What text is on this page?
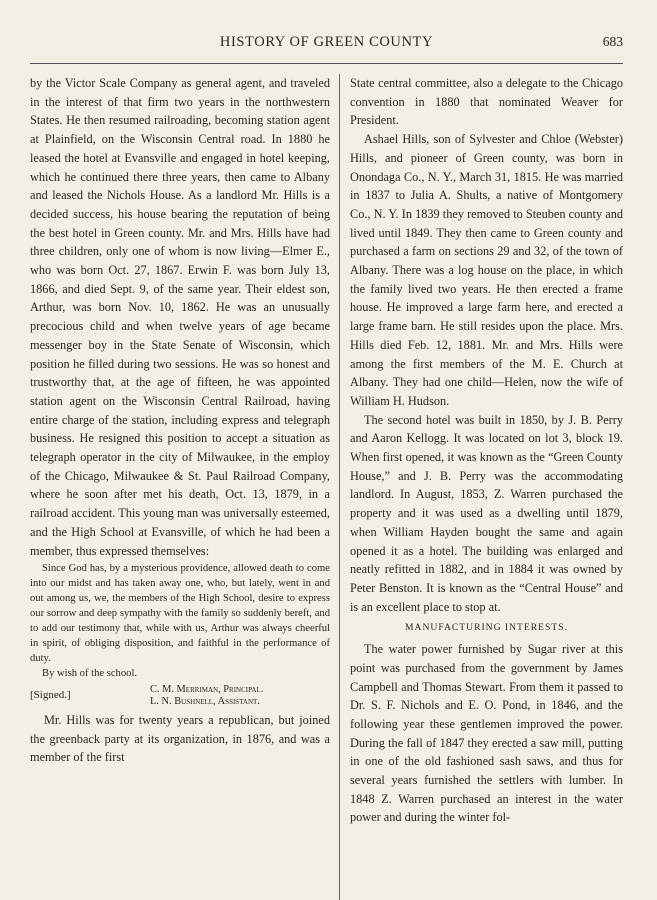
HISTORY OF GREEN COUNTY	683

by the Victor Scale Company as general agent, and traveled in the interest of that firm two years in the northwestern States. He then resumed railroading, becoming station agent at Plainfield, on the Wisconsin Central road. In 1880 he leased the hotel at Evansville and engaged in hotel keeping, which he continued there three years, then came to Albany and leased the Nichols House. As a landlord Mr. Hills is a decided success, his house bearing the reputation of being the best hotel in Green county. Mr. and Mrs. Hills have had three children, only one of whom is now living—Elmer E., who was born Oct. 27, 1867. Erwin F. was born July 13, 1866, and died Sept. 9, of the same year. Their eldest son, Arthur, was born Nov. 10, 1862. He was an unusually precocious child and when twelve years of age became messenger boy in the State Senate of Wisconsin, which position he filled during two sessions. He was so honest and trustworthy that, at the age of fifteen, he was appointed station agent on the Wisconsin Central Railroad, having entire charge of the station, including express and telegraph business. He resigned this position to accept a situation as telegraph operator in the city of Milwaukee, in the employ of the Chicago, Milwaukee & St. Paul Railroad Company, where he soon after met his death, Oct. 13, 1879, in a railroad accident. This young man was universally esteemed, and the High School at Evansville, of which he had been a member, thus expressed themselves:

Since God has, by a mysterious providence, allowed death to come into our midst and has taken away one, who, but lately, went in and out among us, we, the members of the High School, desire to express our sorrow and deep sympathy with the family so suddenly bereft, and to add our testimony that, while with us, Arthur was always cheerful in spirit, of obliging disposition, and faithful in the performance of duty.

By wish of the school.

[Signed.]
C. M. Merriman, Principal.
L. N. Bushnell, Assistant.

Mr. Hills was for twenty years a republican, but joined the greenback party at its organization, in 1876, and was a member of the first

State central committee, also a delegate to the Chicago convention in 1880 that nominated Weaver for President.

Ashael Hills, son of Sylvester and Chloe (Webster) Hills, and pioneer of Green county, was born in Onondaga Co., N. Y., March 31, 1815. He was married in 1837 to Julia A. Shults, a native of Montgomery Co., N. Y. In 1839 they removed to Steuben county and lived until 1849. They then came to Green county and purchased a farm on sections 29 and 32, of the town of Albany. There was a log house on the place, in which the family lived two years. He then erected a frame house. He improved a large farm here, and erected a large frame barn. He still resides upon the place. Mrs. Hills died Feb. 12, 1881. Mr. and Mrs. Hills were among the first members of the M. E. Church at Albany. They had one child—Helen, now the wife of William H. Hudson.

The second hotel was built in 1850, by J. B. Perry and Aaron Kellogg. It was located on lot 3, block 19. When first opened, it was known as the “Green County House,” and J. B. Perry was the accommodating landlord. In August, 1853, Z. Warren purchased the property and it was used as a dwelling until 1879, when William Hayden bought the same and again opened it as a hotel. The building was enlarged and neatly refitted in 1882, and in 1884 it was owned by Peter Benston. It is known as the “Central House” and is an excellent place to stop at.

MANUFACTURING INTERESTS.

The water power furnished by Sugar river at this point was purchased from the government by James Campbell and Thomas Stewart. From them it passed to Dr. S. F. Nichols and E. O. Pond, in 1846, and the following year these gentlemen improved the power. During the fall of 1847 they erected a saw mill, putting in one of the old fashioned sash saws, and thus for several years furnished the settlers with lumber. In 1848 Z. Warren purchased an interest in the water power and during the winter fol-
